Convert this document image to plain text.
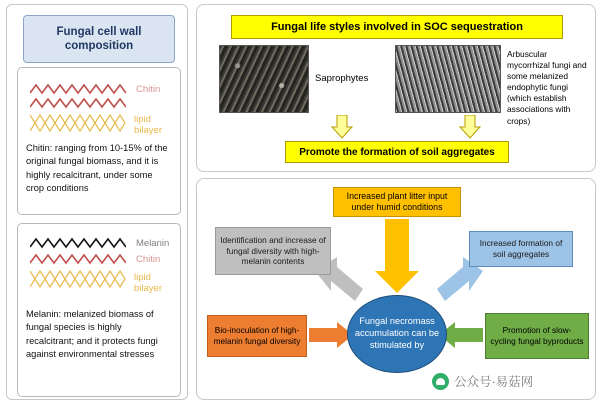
Fungal cell wall composition
Chitin
lipid bilayer
Chitin: ranging from 10-15% of the original fungal biomass, and it is highly recalcitrant, under some crop conditions
Melanin
Chitin
lipid bilayer
Melanin: melanized biomass of fungal species is highly recalcitrant; and it protects fungi against environmental stresses
Fungal life styles involved in SOC sequestration
Saprophytes
Arbuscular mycorrhizal fungi and some melanized endophytic fungi (which establish associations with crops)
Promote the formation of soil aggregates
Increased plant litter input under humid conditions
Identification and increase of fungal diversity with high-melanin contents
Increased formation of soil aggregates
Bio-inoculation of high-melanin fungal diversity
Promotion of slow-cycling fungal byproducts
Fungal necromass accumulation can be stimulated by
公众号·易菇网
